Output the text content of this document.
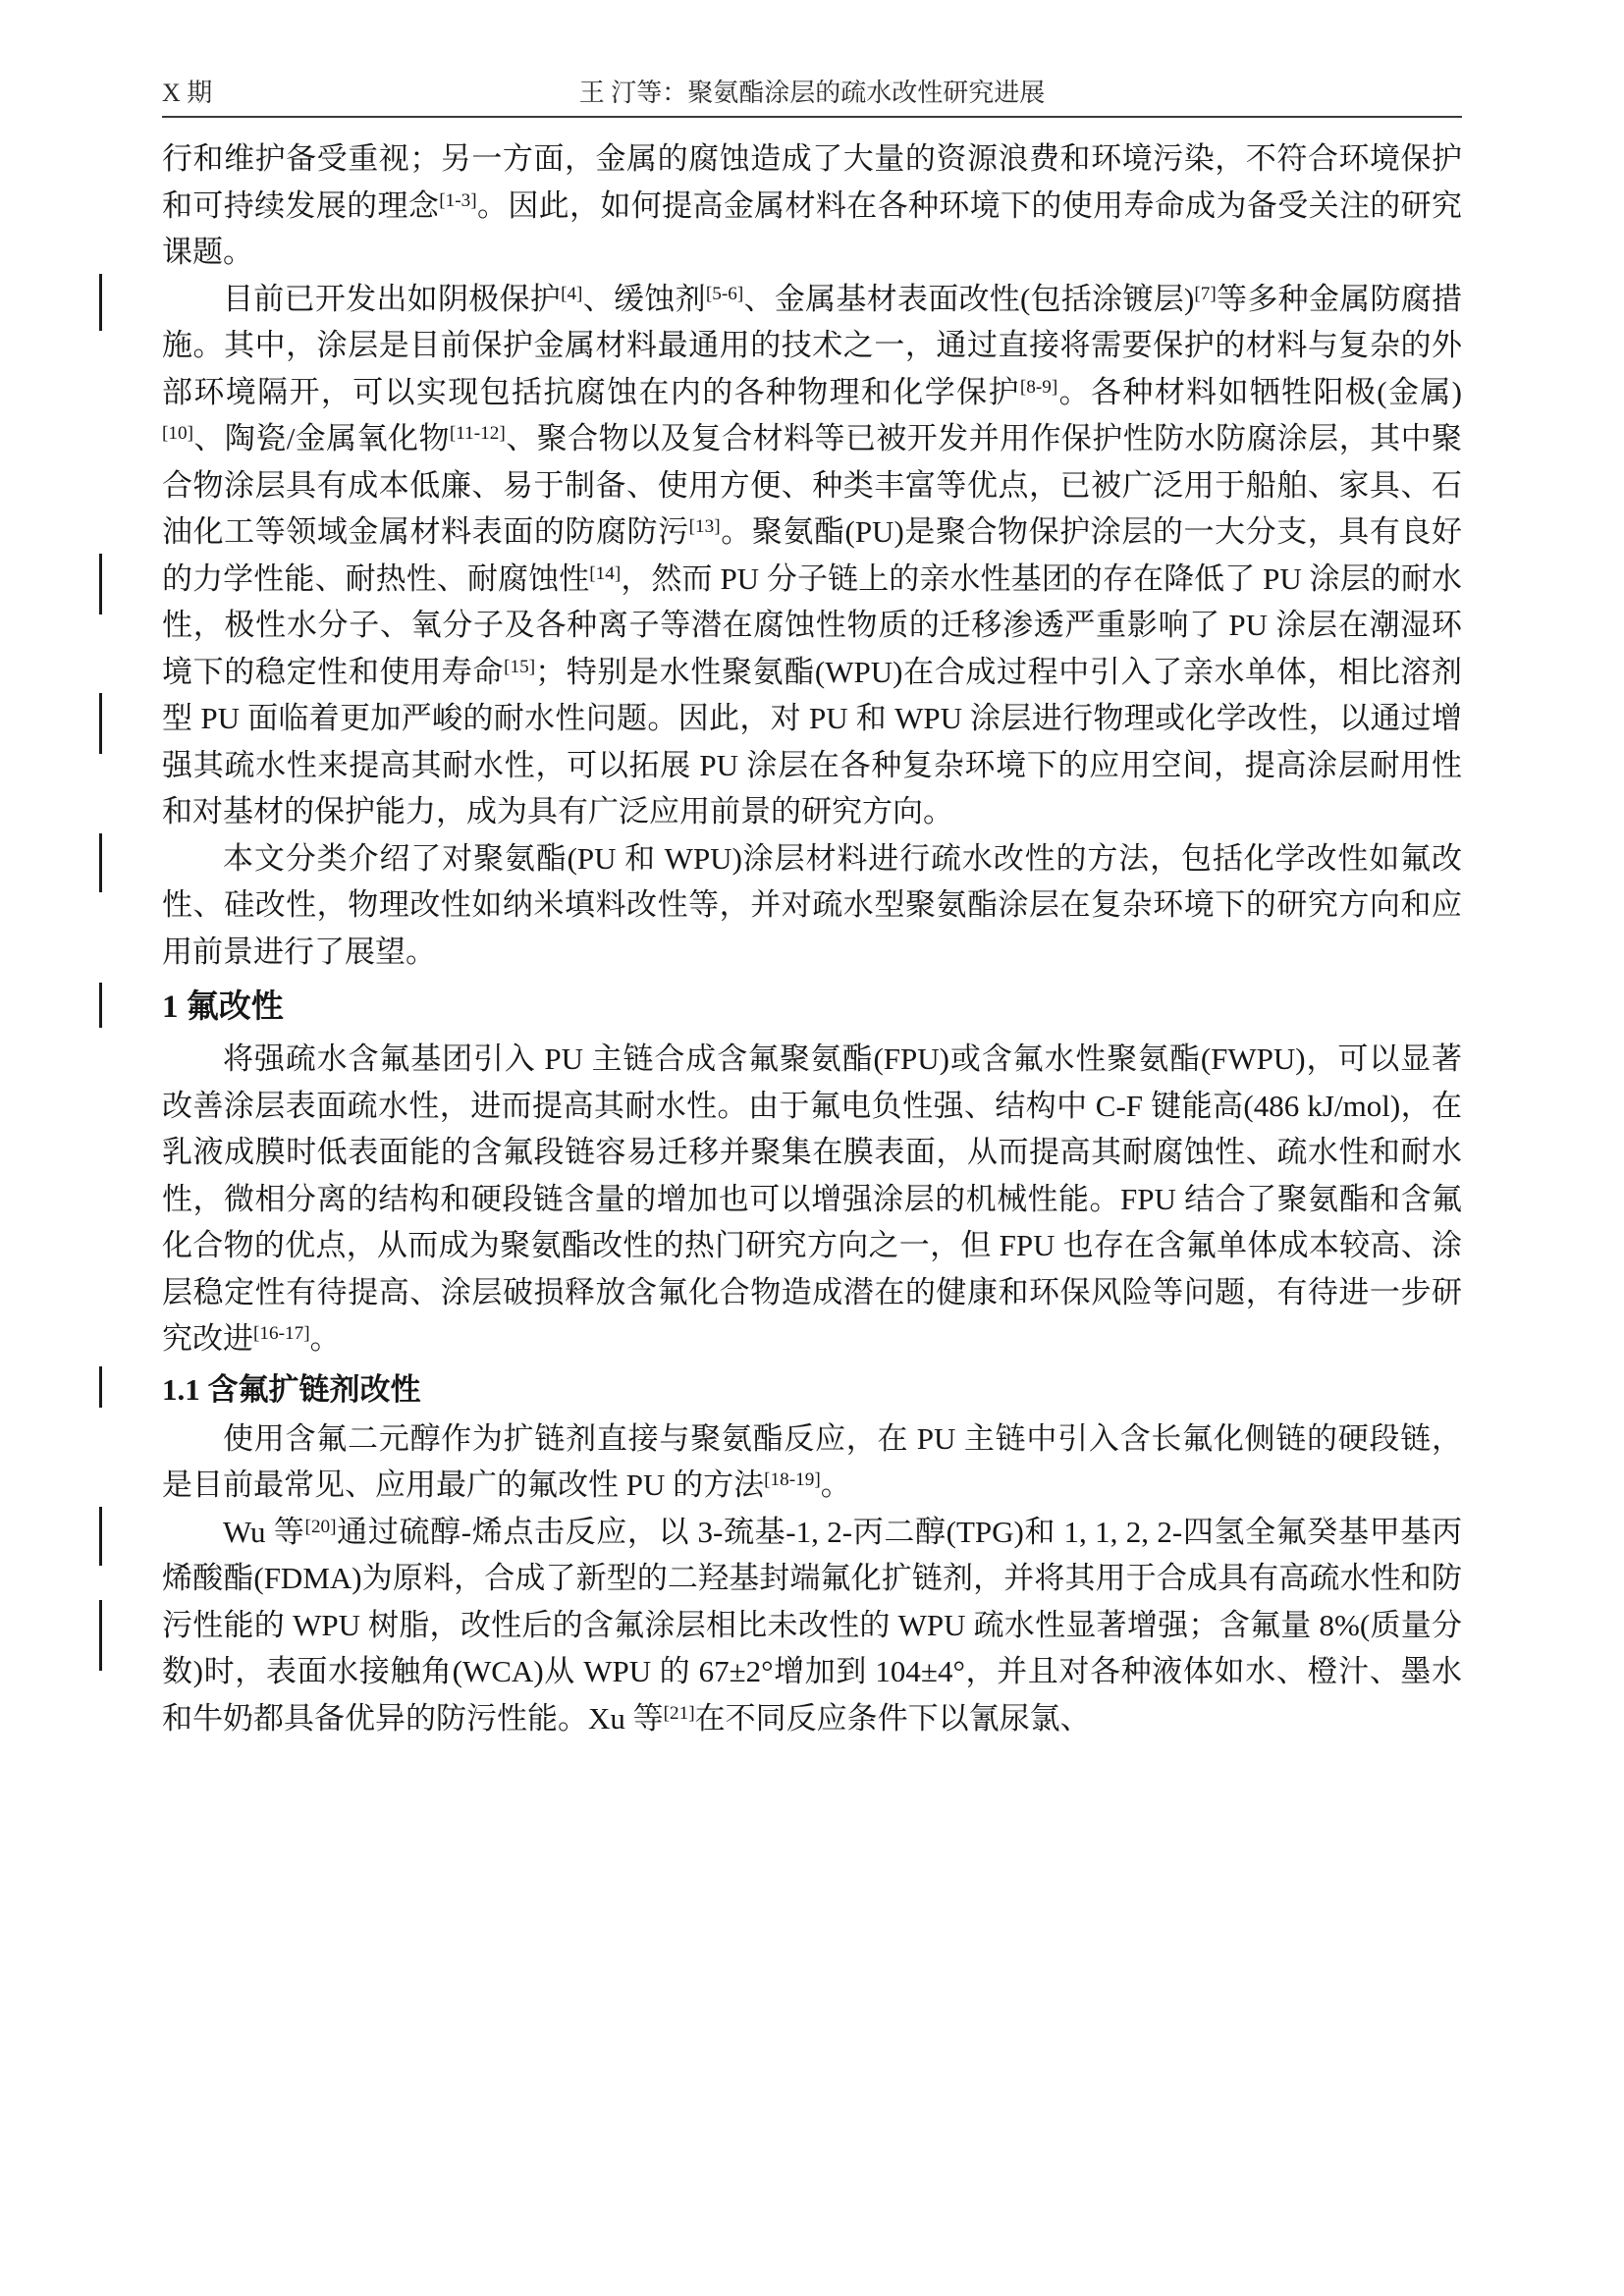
X 期	王 汀等：聚氨酯涂层的疏水改性研究进展

行和维护备受重视；另一方面，金属的腐蚀造成了大量的资源浪费和环境污染，不符合环境保护和可持续发展的理念[1-3]。因此，如何提高金属材料在各种环境下的使用寿命成为备受关注的研究课题。

目前已开发出如阴极保护[4]、缓蚀剂[5-6]、金属基材表面改性(包括涂镀层)[7]等多种金属防腐措施。其中，涂层是目前保护金属材料最通用的技术之一，通过直接将需要保护的材料与复杂的外部环境隔开，可以实现包括抗腐蚀在内的各种物理和化学保护[8-9]。各种材料如牺牲阳极(金属) [10]、陶瓷/金属氧化物[11-12]、聚合物以及复合材料等已被开发并用作保护性防水防腐涂层，其中聚合物涂层具有成本低廉、易于制备、使用方便、种类丰富等优点，已被广泛用于船舶、家具、石油化工等领域金属材料表面的防腐防污[13]。聚氨酯(PU)是聚合物保护涂层的一大分支，具有良好的力学性能、耐热性、耐腐蚀性[14]，然而 PU 分子链上的亲水性基团的存在降低了 PU 涂层的耐水性，极性水分子、氧分子及各种离子等潜在腐蚀性物质的迁移渗透严重影响了 PU 涂层在潮湿环境下的稳定性和使用寿命[15]；特别是水性聚氨酯(WPU)在合成过程中引入了亲水单体，相比溶剂型 PU 面临着更加严峻的耐水性问题。因此，对 PU 和 WPU 涂层进行物理或化学改性，以通过增强其疏水性来提高其耐水性，可以拓展 PU 涂层在各种复杂环境下的应用空间，提高涂层耐用性和对基材的保护能力，成为具有广泛应用前景的研究方向。

本文分类介绍了对聚氨酯(PU 和 WPU)涂层材料进行疏水改性的方法，包括化学改性如氟改性、硅改性，物理改性如纳米填料改性等，并对疏水型聚氨酯涂层在复杂环境下的研究方向和应用前景进行了展望。

1 氟改性

将强疏水含氟基团引入 PU 主链合成含氟聚氨酯(FPU)或含氟水性聚氨酯(FWPU)，可以显著改善涂层表面疏水性，进而提高其耐水性。由于氟电负性强、结构中 C-F 键能高(486 kJ/mol)，在乳液成膜时低表面能的含氟段链容易迁移并聚集在膜表面，从而提高其耐腐蚀性、疏水性和耐水性，微相分离的结构和硬段链含量的增加也可以增强涂层的机械性能。FPU 结合了聚氨酯和含氟化合物的优点，从而成为聚氨酯改性的热门研究方向之一，但 FPU 也存在含氟单体成本较高、涂层稳定性有待提高、涂层破损释放含氟化合物造成潜在的健康和环保风险等问题，有待进一步研究改进[16-17]。

1.1 含氟扩链剂改性

使用含氟二元醇作为扩链剂直接与聚氨酯反应，在 PU 主链中引入含长氟化侧链的硬段链，是目前最常见、应用最广的氟改性 PU 的方法[18-19]。

Wu 等[20]通过硫醇-烯点击反应，以 3-巯基-1, 2-丙二醇(TPG)和 1, 1, 2, 2-四氢全氟癸基甲基丙烯酸酯(FDMA)为原料，合成了新型的二羟基封端氟化扩链剂，并将其用于合成具有高疏水性和防污性能的 WPU 树脂，改性后的含氟涂层相比未改性的 WPU 疏水性显著增强；含氟量 8%(质量分数)时，表面水接触角(WCA)从 WPU 的 67±2°增加到 104±4°，并且对各种液体如水、橙汁、墨水和牛奶都具备优异的防污性能。Xu 等[21]在不同反应条件下以氰尿氯、
